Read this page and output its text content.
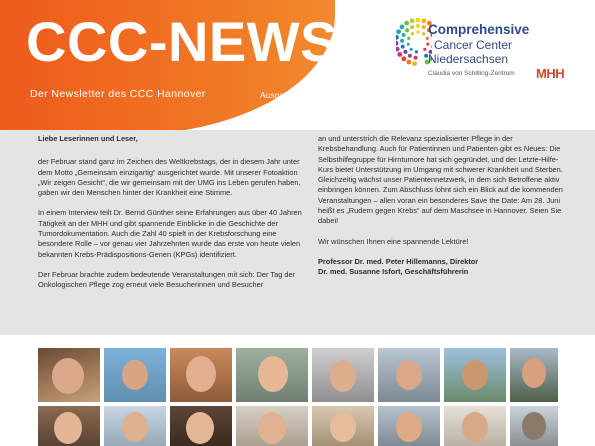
CCC-NEWS
Der Newsletter des CCC Hannover	Ausgabe 1/2025
Comprehensive
Cancer Center
Niedersachsen
Claudia von Schilling-Zentrum MHH

Liebe Leserinnen und Leser,

der Februar stand ganz im Zeichen des Weltkrebstags, der in diesem Jahr unter dem Motto „Gemeinsam einzigartig“ ausgerichtet wurde. Mit unserer Fotoaktion „Wir zeigen Gesicht“, die wir gemeinsam mit der UMG ins Leben gerufen haben, gaben wir den Menschen hinter der Krankheit eine Stimme.

In einem Interview teilt Dr. Bernd Günther seine Erfahrungen aus über 40 Jahren Tätigkeit an der MHH und gibt spannende Einblicke in die Geschichte der Tumordokumentation. Auch die Zahl 40 spielt in der Krebsforschung eine besondere Rolle – vor genau vier Jahrzehnten wurde das erste von heute vielen bekannten Krebs-Prädispositions-Genen (KPGs) identifiziert.

Der Februar brachte zudem bedeutende Veranstaltungen mit sich: Der Tag der Onkologischen Pflege zog erneut viele Besucherinnen und Besucher

an und unterstrich die Relevanz spezialisierter Pflege in der Krebsbehandlung. Auch für Patientinnen und Patienten gibt es Neues: Die Selbsthilfegruppe für Hirntumore hat sich gegründet, und der Letzte-Hilfe-Kurs bietet Unterstützung im Umgang mit schwerer Krankheit und Sterben. Gleichzeitig wächst unser Patientennetzwerk, in dem sich Betroffene aktiv einbringen können. Zum Abschluss lohnt sich ein Blick auf die kommenden Veranstaltungen – allen voran ein besonderes Save the Date: Am 28. Juni heißt es „Rudern gegen Krebs“ auf dem Maschsee in Hannover. Seien Sie dabei!

Wir wünschen Ihnen eine spannende Lektüre!

Professor Dr. med. Peter Hillemanns, Direktor

Dr. med. Susanne Isfort, Geschäftsführerin
